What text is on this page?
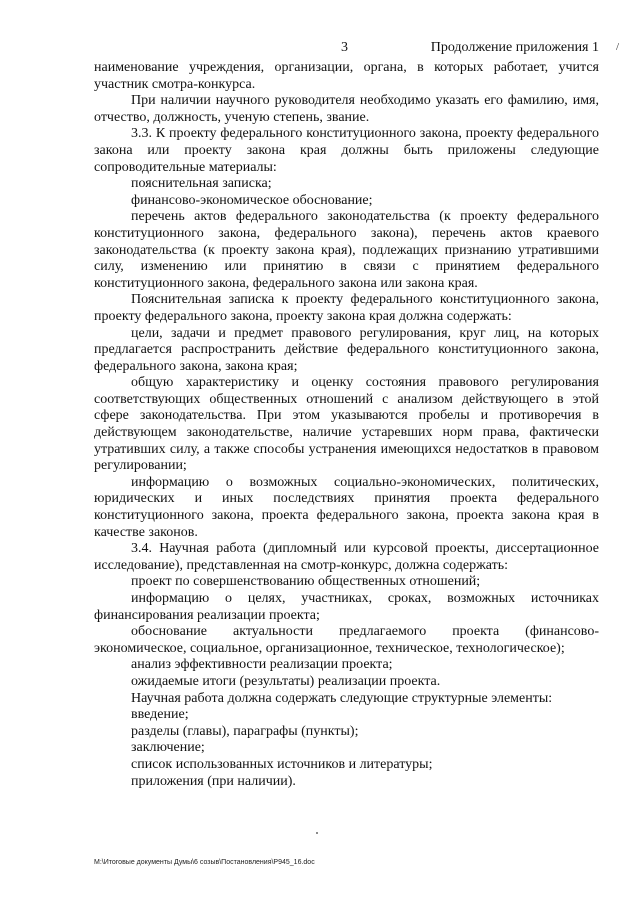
3	Продолжение приложения 1 /

наименование учреждения, организации, органа, в которых работает, учится участник смотра-конкурса.

При наличии научного руководителя необходимо указать его фамилию, имя, отчество, должность, ученую степень, звание.

3.3. К проекту федерального конституционного закона, проекту федерального закона или проекту закона края должны быть приложены следующие сопроводительные материалы:

пояснительная записка;

финансово-экономическое обоснование;

перечень актов федерального законодательства (к проекту федерального конституционного закона, федерального закона), перечень актов краевого законодательства (к проекту закона края), подлежащих признанию утратившими силу, изменению или принятию в связи с принятием федерального конституционного закона, федерального закона или закона края.

Пояснительная записка к проекту федерального конституционного закона, проекту федерального закона, проекту закона края должна содержать:

цели, задачи и предмет правового регулирования, круг лиц, на которых предлагается распространить действие федерального конституционного закона, федерального закона, закона края;

общую характеристику и оценку состояния правового регулирования соответствующих общественных отношений с анализом действующего в этой сфере законодательства. При этом указываются пробелы и противоречия в действующем законодательстве, наличие устаревших норм права, фактически утративших силу, а также способы устранения имеющихся недостатков в правовом регулировании;

информацию о возможных социально-экономических, политических, юридических и иных последствиях принятия проекта федерального конституционного закона, проекта федерального закона, проекта закона края в качестве законов.

3.4. Научная работа (дипломный или курсовой проекты, диссертационное исследование), представленная на смотр-конкурс, должна содержать:

проект по совершенствованию общественных отношений;

информацию о целях, участниках, сроках, возможных источниках финансирования реализации проекта;

обоснование актуальности предлагаемого проекта (финансово-экономическое, социальное, организационное, техническое, технологическое);

анализ эффективности реализации проекта;

ожидаемые итоги (результаты) реализации проекта.

Научная работа должна содержать следующие структурные элементы:

введение;

разделы (главы), параграфы (пункты);

заключение;

список использованных источников и литературы;

приложения (при наличии).

М:\Итоговые документы Думы\6 созыв\Постановления\Р945_16.doc
